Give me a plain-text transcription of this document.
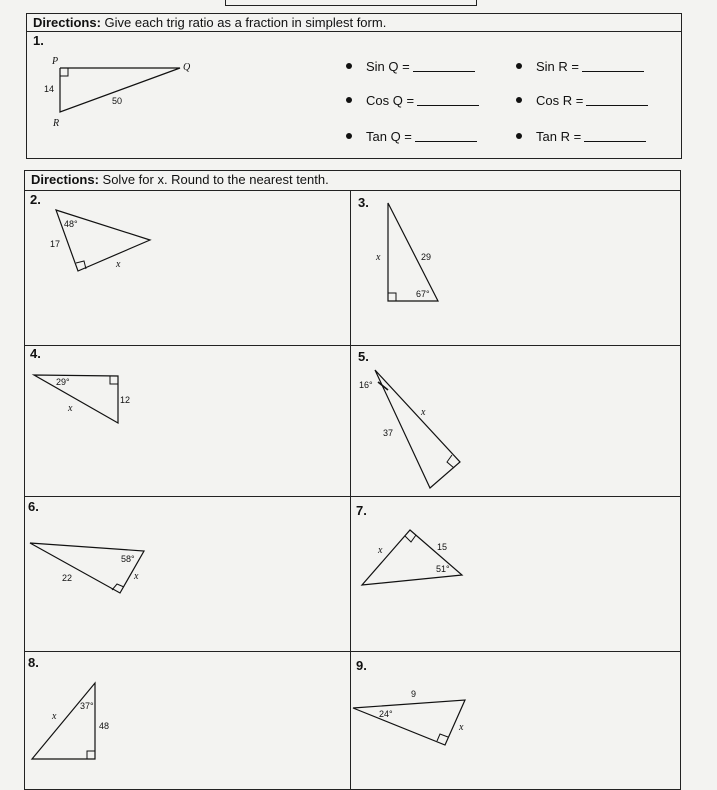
Directions: Give each trig ratio as a fraction in simplest form.
1.
P
Q
R
14
50
48°
17
x
x	29
67°
29°
12
x
16°
x
37
58°
x
22
x	15
51°
37°
x
48
9
24°
x
Sin Q =	Sin R =
Cos Q =	Cos R =
Tan Q =	Tan R =
Directions: Solve for x. Round to the nearest tenth.
2.	3.
4.	5.
6.	7.
8.	9.
